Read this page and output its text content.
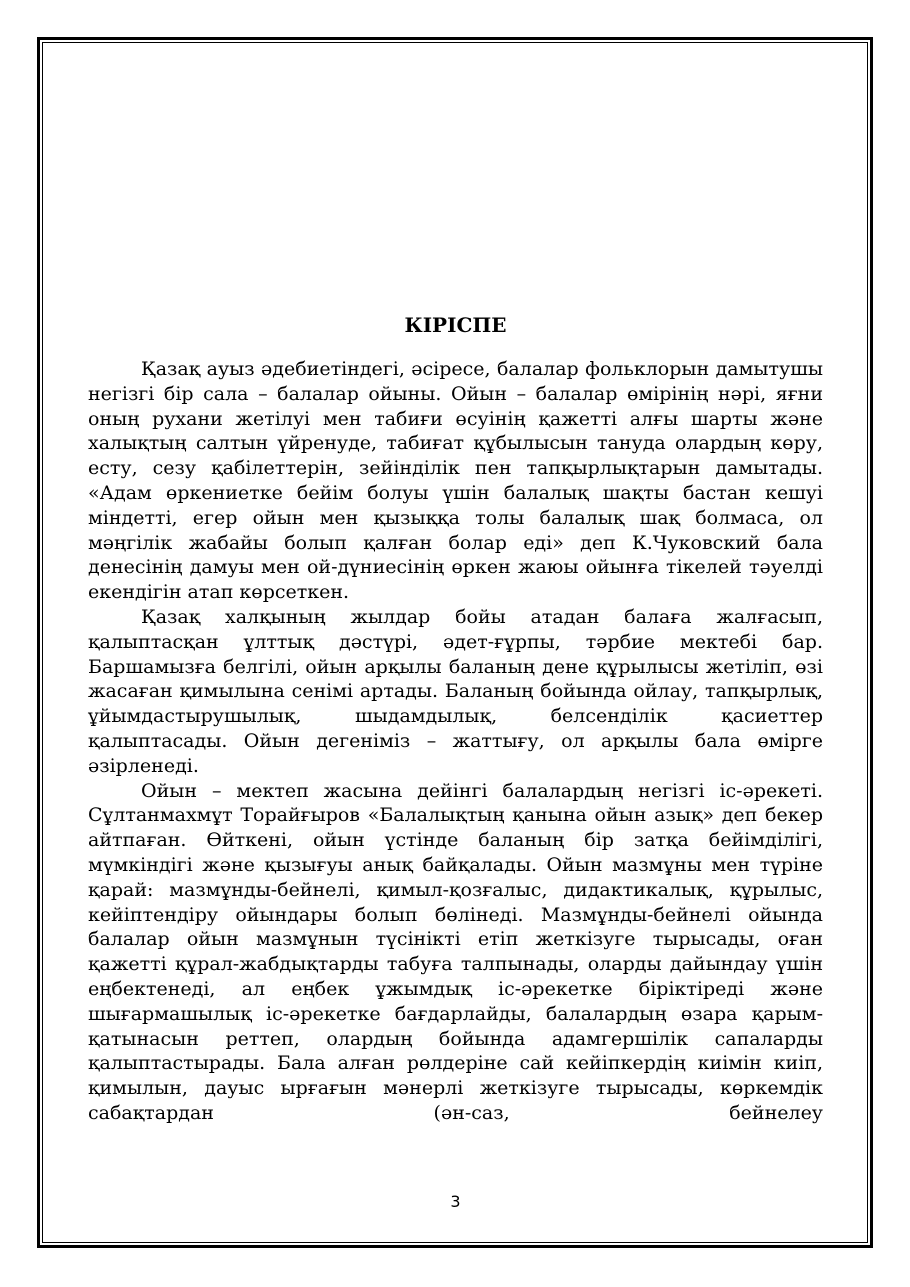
КІРІСПЕ

Қазақ ауыз әдебиетіндегі, әсіресе, балалар фольклорын дамытушы негізгі бір сала – балалар ойыны. Ойын – балалар өмірінің нәрі, яғни оның рухани жетілуі мен табиғи өсуінің қажетті алғы шарты және халықтың салтын үйренуде, табиғат құбылысын тануда олардың көру, есту, сезу қабілеттерін, зейінділік пен тапқырлықтарын дамытады. «Адам өркениетке бейім болуы үшін балалық шақты бастан кешуі міндетті, егер ойын мен қызыққа толы балалық шақ болмаса, ол мәңгілік жабайы болып қалған болар еді» деп К.Чуковский бала денесінің дамуы мен ой-дүниесінің өркен жаюы ойынға тікелей тәуелді екендігін атап көрсеткен.

Қазақ халқының жылдар бойы атадан балаға жалғасып, қалыптасқан ұлттық дәстүрі, әдет-ғұрпы, тәрбие мектебі бар. Баршамызға белгілі, ойын арқылы баланың дене құрылысы жетіліп, өзі жасаған қимылына сенімі артады. Баланың бойында ойлау, тапқырлық, ұйымдастырушылық, шыдамдылық, белсенділік қасиеттер қалыптасады. Ойын дегеніміз – жаттығу, ол арқылы бала өмірге әзірленеді.

Ойын – мектеп жасына дейінгі балалардың негізгі іс-әрекеті. Сұлтанмахмұт Торайғыров «Балалықтың қанына ойын азық» деп бекер айтпаған. Өйткені, ойын үстінде баланың бір затқа бейімділігі, мүмкіндігі және қызығуы анық байқалады. Ойын мазмұны мен түріне қарай: мазмұнды-бейнелі, қимыл-қозғалыс, дидактикалық, құрылыс, кейіптендіру ойындары болып бөлінеді. Мазмұнды-бейнелі ойында балалар ойын мазмұнын түсінікті етіп жеткізуге тырысады, оған қажетті құрал-жабдықтарды табуға талпынады, оларды дайындау үшін еңбектенеді, ал еңбек ұжымдық іс-әрекетке біріктіреді және шығармашылық іс-әрекетке бағдарлайды, балалардың өзара қарым-қатынасын реттеп, олардың бойында адамгершілік сапаларды қалыптастырады. Бала алған рөлдеріне сай кейіпкердің киімін киіп, қимылын, дауыс ырғағын мәнерлі жеткізуге тырысады, көркемдік сабақтардан (ән-саз, бейнелеу

3
